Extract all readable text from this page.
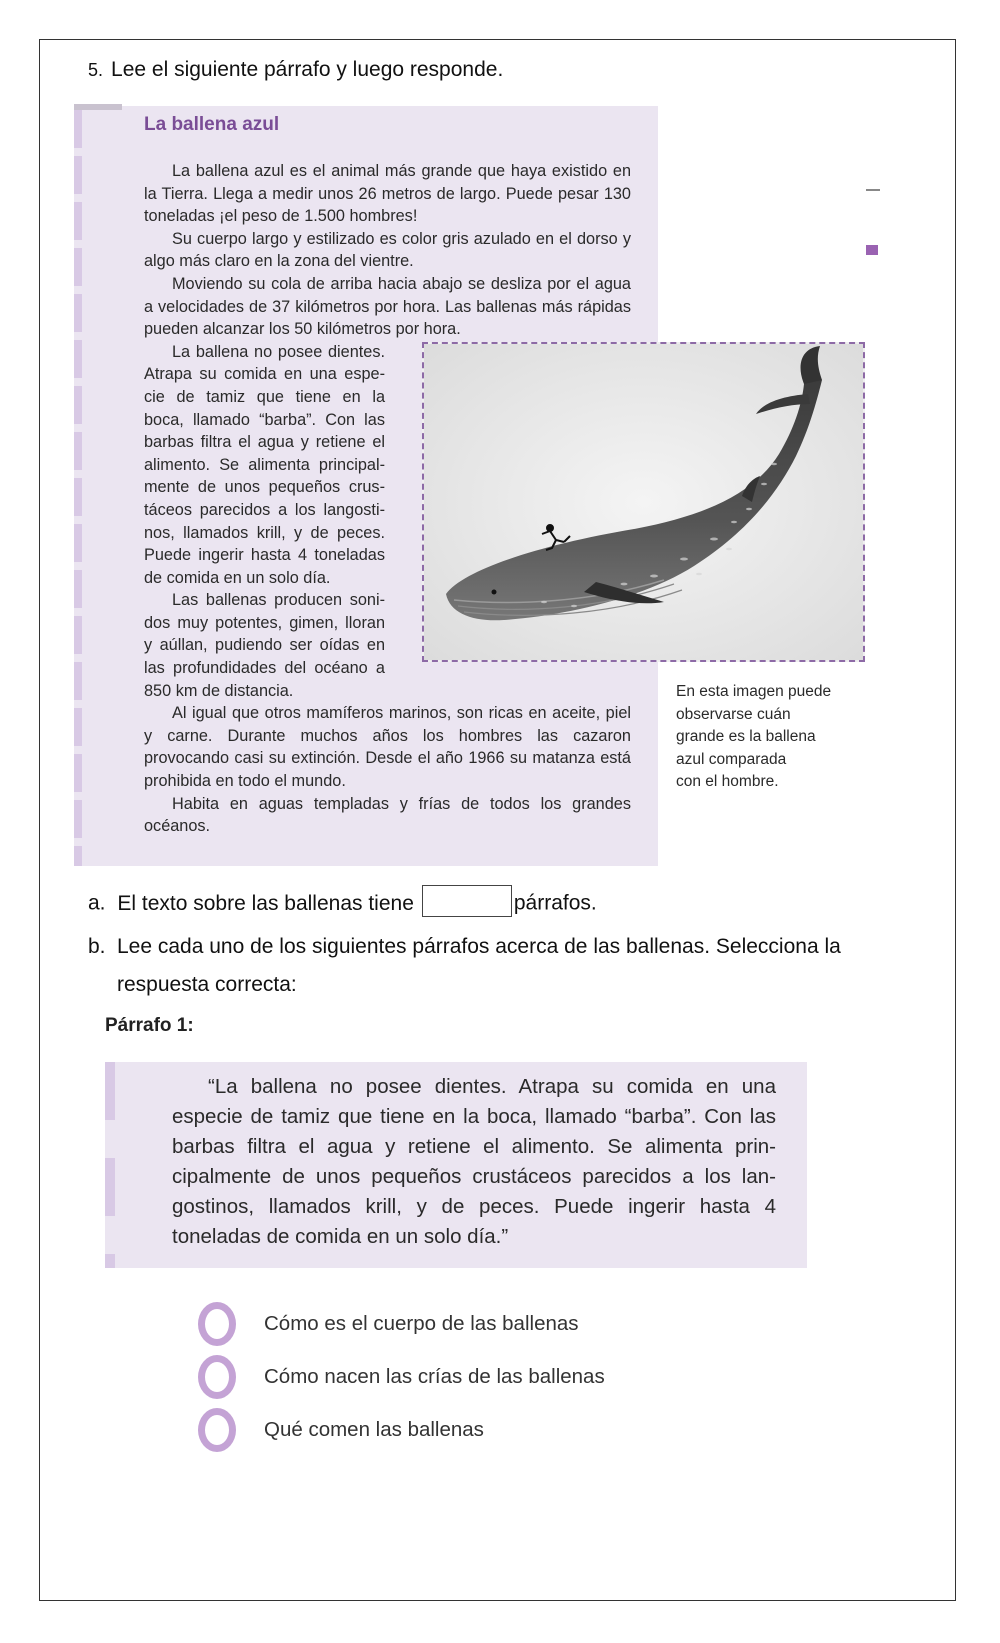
5. Lee el siguiente párrafo y luego responde.
La ballena azul

La ballena azul es el animal más grande que haya existido en la Tierra. Llega a medir unos 26 metros de largo. Puede pesar 130 toneladas ¡el peso de 1.500 hombres!

Su cuerpo largo y estilizado es color gris azulado en el dorso y algo más claro en la zona del vientre.

Moviendo su cola de arriba hacia abajo se desliza por el agua a velocidades de 37 kilómetros por hora. Las ballenas más rápidas pueden alcanzar los 50 kilómetros por hora.

La ballena no posee dientes. Atrapa su comida en una especie de tamiz que tiene en la boca, llamado “barba”. Con las barbas filtra el agua y retiene el alimento. Se alimenta principalmente de unos pequeños crustáceos parecidos a los langostinos, llamados krill, y de peces. Puede ingerir hasta 4 toneladas de comida en un solo día.

Las ballenas producen sonidos muy potentes, gimen, lloran y aúllan, pudiendo ser oídas en las profundidades del océano a 850 km de distancia.

Al igual que otros mamíferos marinos, son ricas en aceite, piel y carne. Durante muchos años los hombres las cazaron provocando casi su extinción. Desde el año 1966 su matanza está prohibida en todo el mundo.

Habita en aguas templadas y frías de todos los grandes océanos.

En esta imagen puede
observarse cuán
grande es la ballena
azul comparada
con el hombre.
a. El texto sobre las ballenas tiene	párrafos.
b. Lee cada uno de los siguientes párrafos acerca de las ballenas. Selecciona la respuesta correcta:
Párrafo 1:

“La ballena no posee dientes. Atrapa su comida en una especie de tamiz que tiene en la boca, llamado “barba”. Con las barbas filtra el agua y retiene el alimento. Se alimenta principalmente de unos pequeños crustáceos parecidos a los langostinos, llamados krill, y de peces. Puede ingerir hasta 4 toneladas de comida en un solo día.”

Cómo es el cuerpo de las ballenas
Cómo nacen las crías de las ballenas
Qué comen las ballenas
